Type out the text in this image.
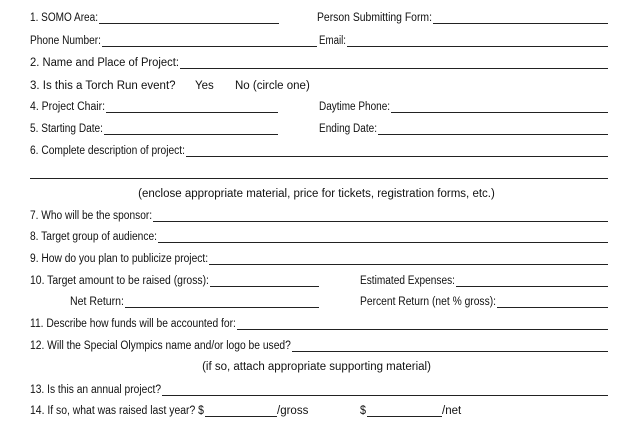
1. SOMO Area:	Person Submitting Form:
Phone Number:	Email:
2. Name and Place of Project:
3. Is this a Torch Run event? Yes No (circle one)
4. Project Chair:	Daytime Phone:
5. Starting Date:	Ending Date:
6. Complete description of project:
(enclose appropriate material, price for tickets, registration forms, etc.)
7. Who will be the sponsor:
8. Target group of audience:
9. How do you plan to publicize project:
10. Target amount to be raised (gross):	Estimated Expenses:
Net Return:	Percent Return (net % gross):
11. Describe how funds will be accounted for:
12. Will the Special Olympics name and/or logo be used?
(if so, attach appropriate supporting material)
13. Is this an annual project?
14. If so, what was raised last year? $	/gross	$	/net
